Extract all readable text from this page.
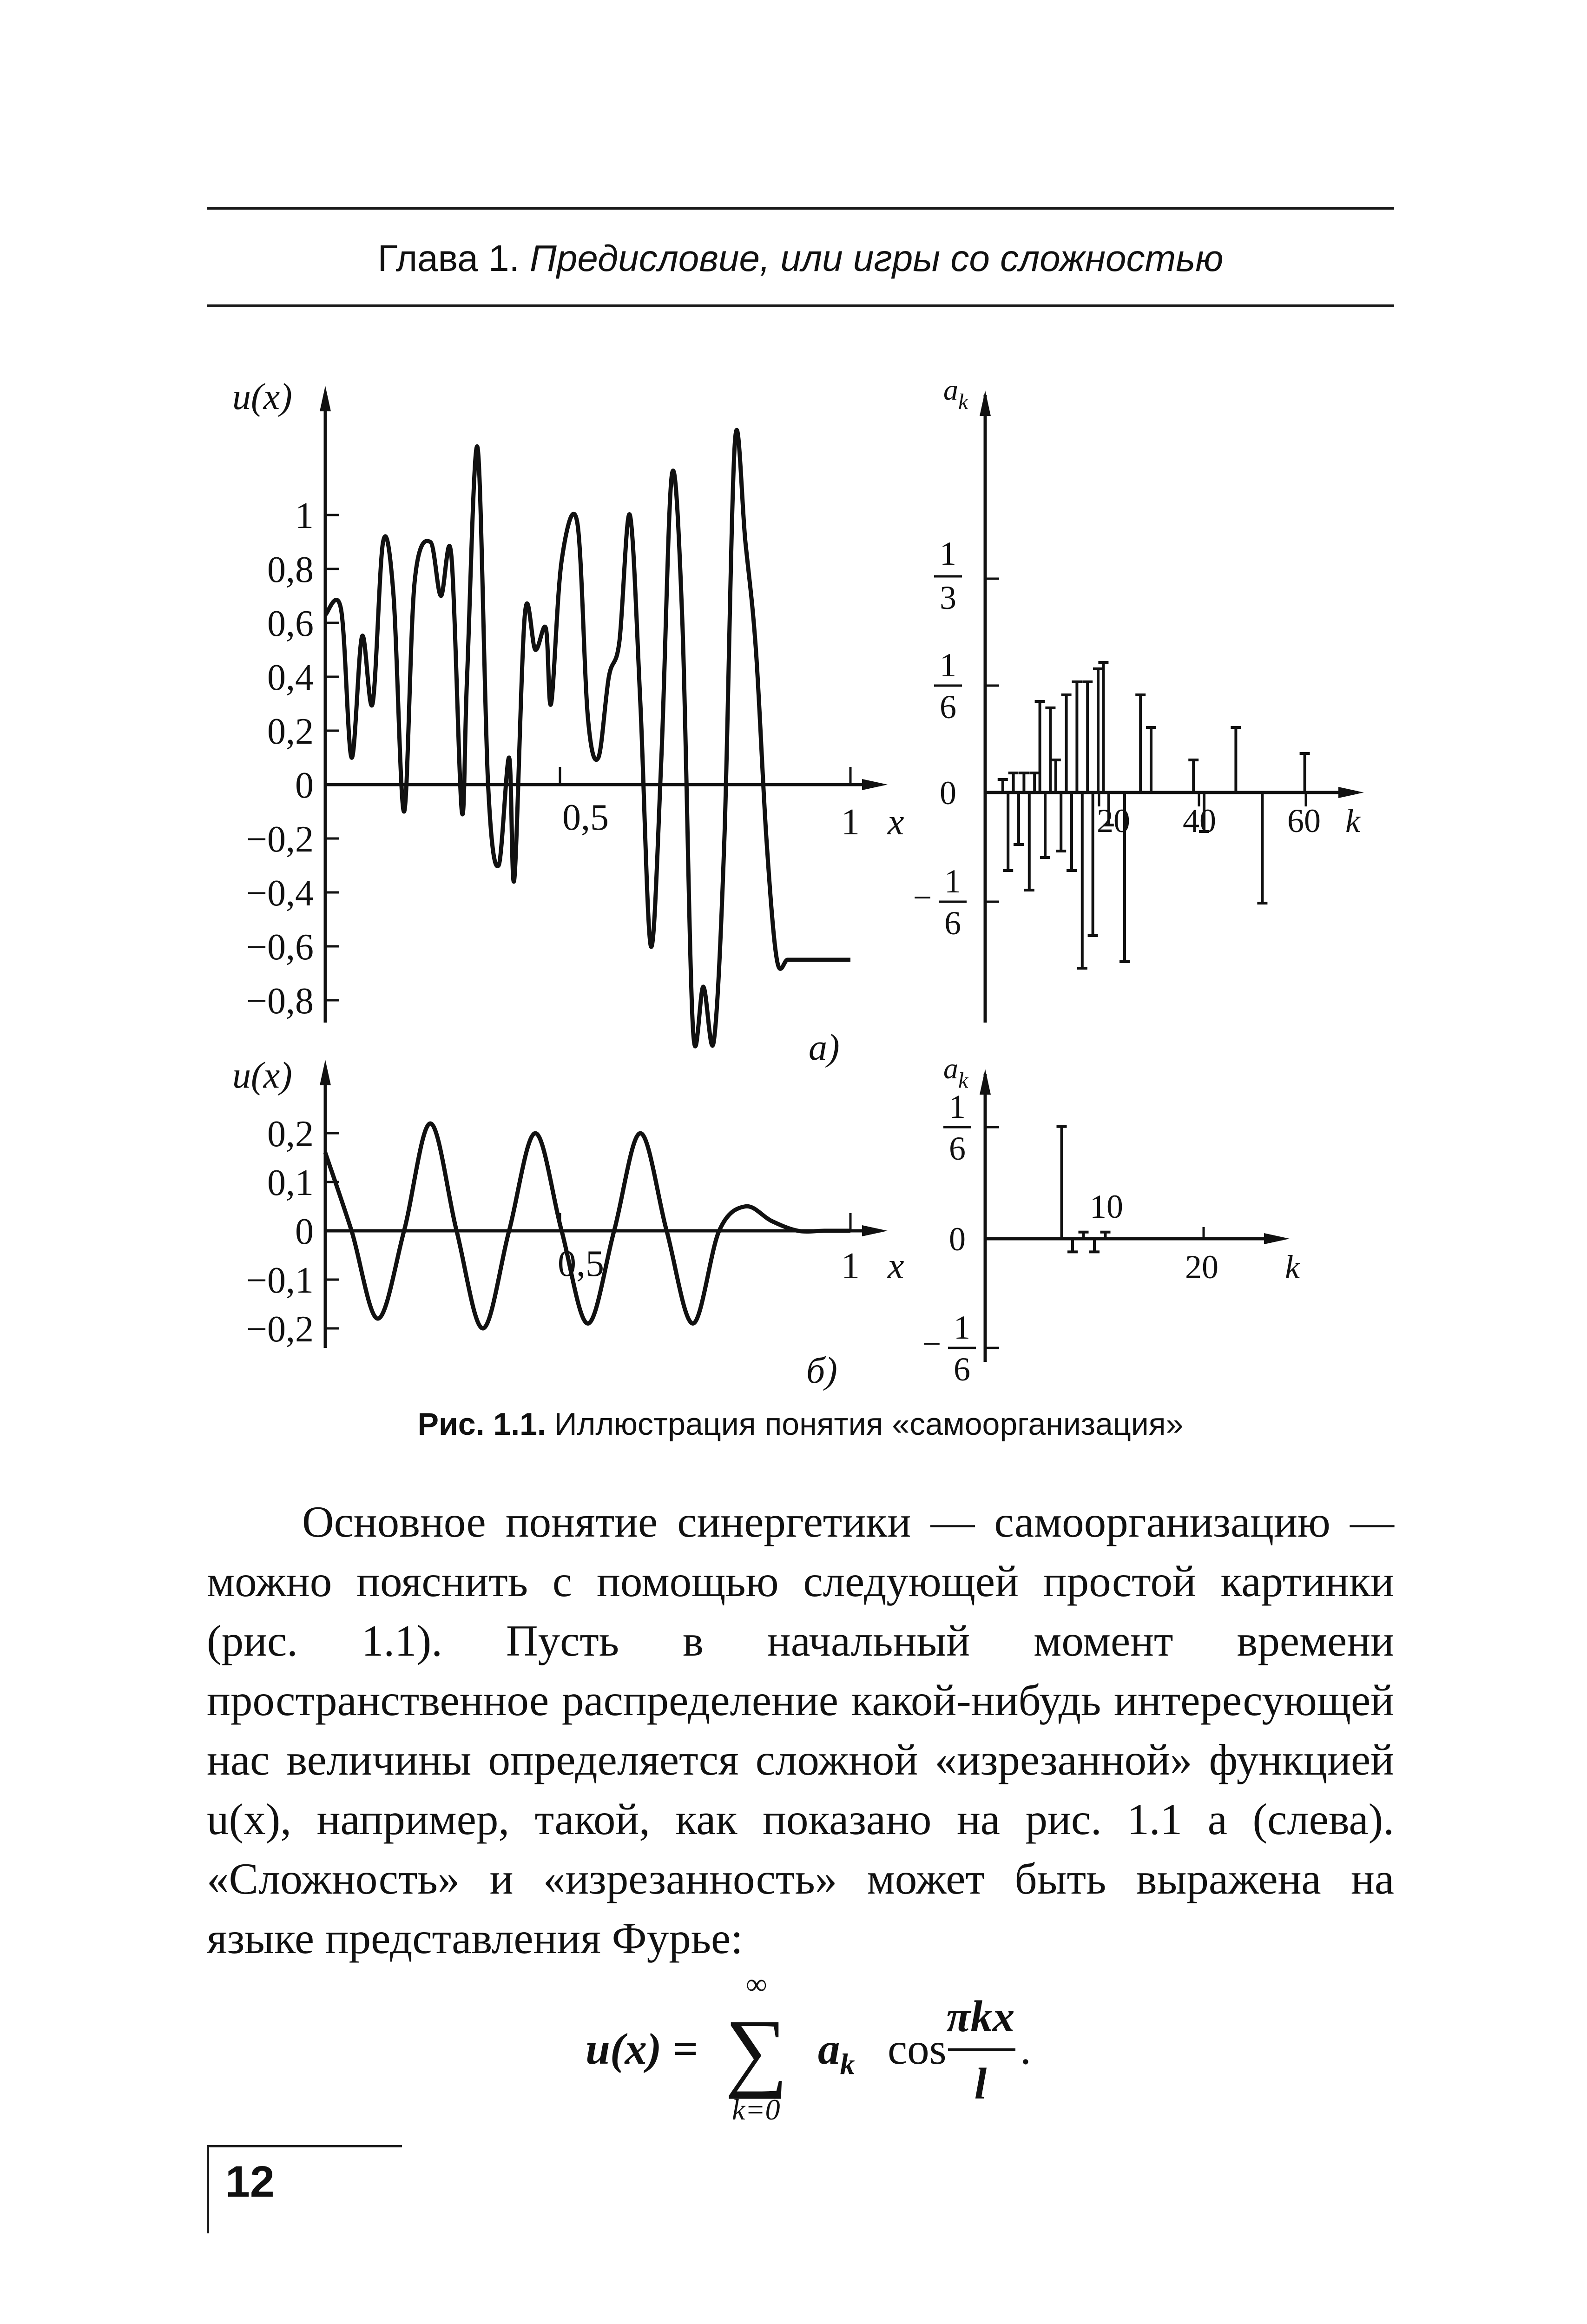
Глава 1. Предисловие, или игры со сложностью
u(x)
1
0,8
0,6
0,4
0,2
0
−0,2
−0,4
−0,6
−0,8
0,5	1 x
а)
$a_k$
1
3
1
6
0
− 1
6
20 40 60 k
u(x)
0,2
0,1
0
−0,1
−0,2
0,5	1 x
б)
$a_k$
1
6
0
− 1
6
10
20 k
Рис. 1.1. Иллюстрация понятия «самоорганизация»

Основное понятие синергетики — самоорганизацию — можно пояснить с помощью следующей простой картинки (рис. 1.1). Пусть в начальный момент времени пространственное распределение какой-нибудь интересующей нас величины определяется сложной «изрезанной» функцией u(x), например, такой, как показано на рис. 1.1 а (слева). «Сложность» и «изрезанность» может быть выражена на языке представления Фурье:

u(x) =
∞
∑
k=0
$a_k$ cos
πkx
l
.
12
